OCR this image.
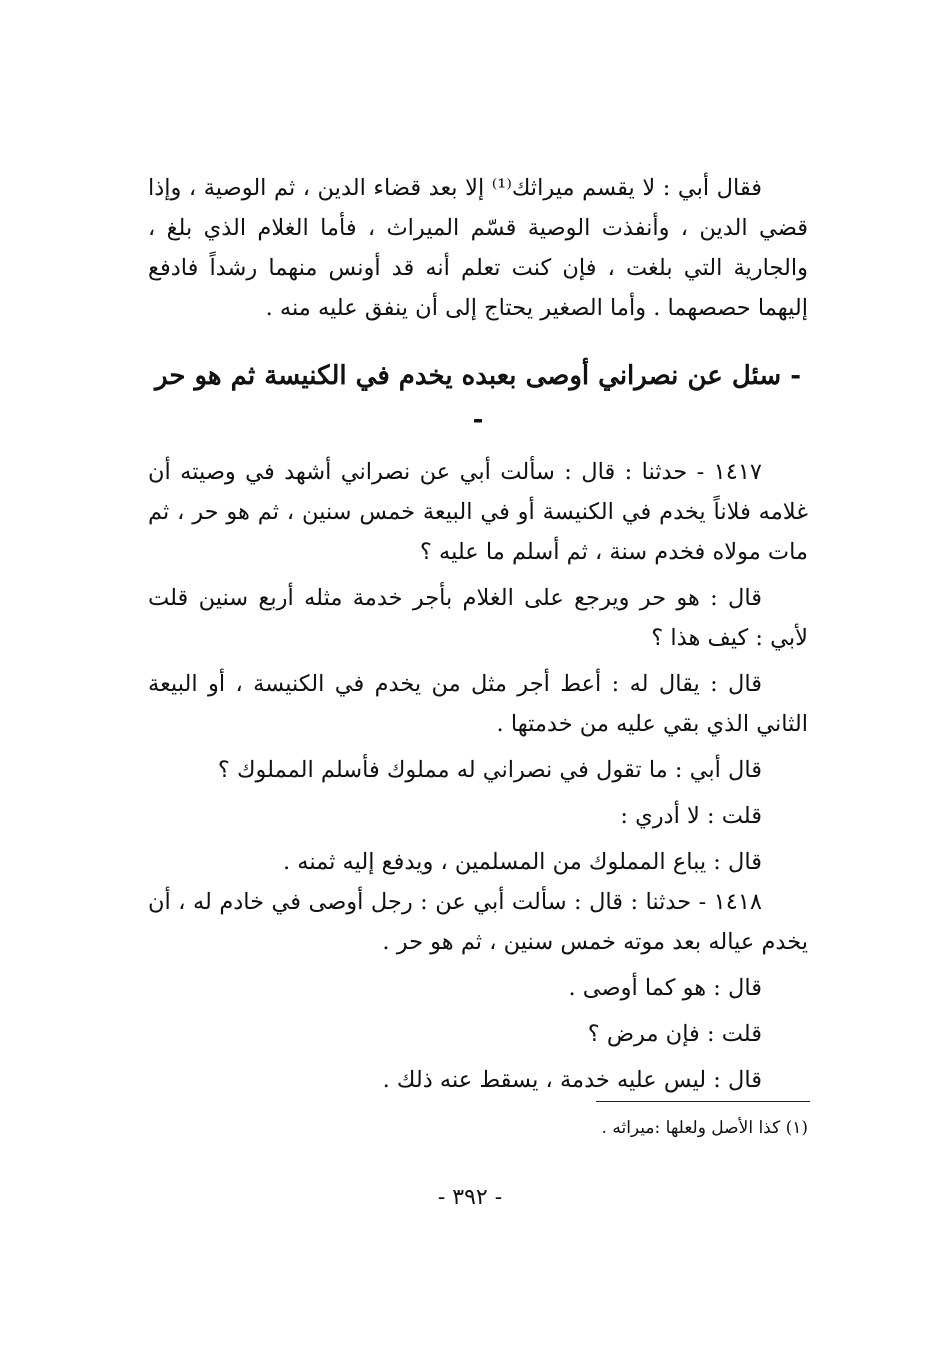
فقال أبي : لا يقسم ميراثك⁽¹⁾ إلا بعد قضاء الدين ، ثم الوصية ، وإذا قضي الدين ، وأنفذت الوصية قسّم الميراث ، فأما الغلام الذي بلغ ، والجارية التي بلغت ، فإن كنت تعلم أنه قد أونس منهما رشداً فادفع إليهما حصصهما . وأما الصغير يحتاج إلى أن ينفق عليه منه .

- سئل عن نصراني أوصى بعبده يخدم في الكنيسة ثم هو حر -

١٤١٧ - حدثنا : قال : سألت أبي عن نصراني أشهد في وصيته أن غلامه فلاناً يخدم في الكنيسة أو في البيعة خمس سنين ، ثم هو حر ، ثم مات مولاه فخدم سنة ، ثم أسلم ما عليه ؟

قال : هو حر ويرجع على الغلام بأجر خدمة مثله أربع سنين قلت لأبي : كيف هذا ؟

قال : يقال له : أعط أجر مثل من يخدم في الكنيسة ، أو البيعة الثاني الذي بقي عليه من خدمتها .

قال أبي : ما تقول في نصراني له مملوك فأسلم المملوك ؟

قلت : لا أدري :

قال : يباع المملوك من المسلمين ، ويدفع إليه ثمنه .

١٤١٨ - حدثنا : قال : سألت أبي عن : رجل أوصى في خادم له ، أن يخدم عياله بعد موته خمس سنين ، ثم هو حر .

قال : هو كما أوصى .

قلت : فإن مرض ؟

قال : ليس عليه خدمة ، يسقط عنه ذلك .

(١) كذا الأصل ولعلها :ميراثه .
- ٣٩٢ -
